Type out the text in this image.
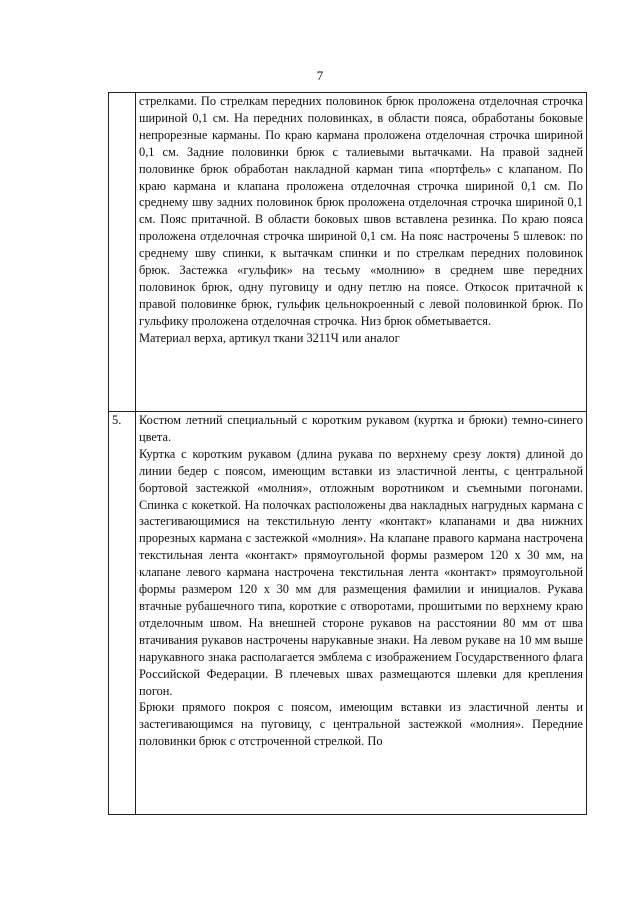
7

	стрелками. По стрелкам передних половинок брюк проложена отделочная строчка шириной 0,1 см. На передних половинках, в области пояса, обработаны боковые непрорезные карманы. По краю кармана проложена отделочная строчка шириной 0,1 см. Задние половинки брюк с талиевыми вытачками. На правой задней половинке брюк обработан накладной карман типа «портфель» с клапаном. По краю кармана и клапана проложена отделочная строчка шириной 0,1 см. По среднему шву задних половинок брюк проложена отделочная строчка шириной 0,1 см. Пояс притачной. В области боковых швов вставлена резинка. По краю пояса проложена отделочная строчка шириной 0,1 см. На пояс настрочены 5 шлевок: по среднему шву спинки, к вытачкам спинки и по стрелкам передних половинок брюк. Застежка «гульфик» на тесьму «молнию» в среднем шве передних половинок брюк, одну пуговицу и одну петлю на поясе. Откосок притачной к правой половинке брюк, гульфик цельнокроенный с левой половинкой брюк. По гульфику проложена отделочная строчка. Низ брюк обметывается.

Материал верха, артикул ткани 3211Ч или аналог

5.	Костюм летний специальный с коротким рукавом (куртка и брюки) темно-синего цвета.

Куртка с коротким рукавом (длина рукава по верхнему срезу локтя) длиной до линии бедер с поясом, имеющим вставки из эластичной ленты, с центральной бортовой застежкой «молния», отложным воротником и съемными погонами. Спинка с кокеткой. На полочках расположены два накладных нагрудных кармана с застегивающимися на текстильную ленту «контакт» клапанами и два нижних прорезных кармана с застежкой «молния». На клапане правого кармана настрочена текстильная лента «контакт» прямоугольной формы размером 120 х 30 мм, на клапане левого кармана настрочена текстильная лента «контакт» прямоугольной формы размером 120 х 30 мм для размещения фамилии и инициалов. Рукава втачные рубашечного типа, короткие с отворотами, прошитыми по верхнему краю отделочным швом. На внешней стороне рукавов на расстоянии 80 мм от шва втачивания рукавов настрочены нарукавные знаки. На левом рукаве на 10 мм выше нарукавного знака располагается эмблема с изображением Государственного флага Российской Федерации. В плечевых швах размещаются шлевки для крепления погон.

Брюки прямого покроя с поясом, имеющим вставки из эластичной ленты и застегивающимся на пуговицу, с центральной застежкой «молния». Передние половинки брюк с отстроченной стрелкой. По
